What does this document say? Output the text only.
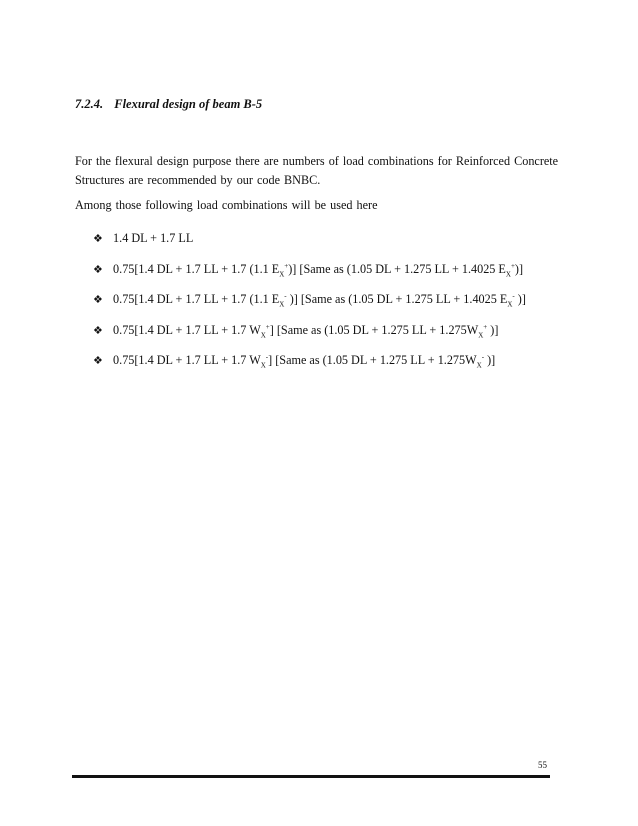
7.2.4. Flexural design of beam B-5
For the flexural design purpose there are numbers of load combinations for Reinforced Concrete Structures are recommended by our code BNBC.
Among those following load combinations will be used here
❖ 1.4 DL + 1.7 LL
❖ 0.75[1.4 DL + 1.7 LL + 1.7 (1.1 $E_X^+$)] [Same as (1.05 DL + 1.275 LL + 1.4025 $E_X^+$)]
❖ 0.75[1.4 DL + 1.7 LL + 1.7 (1.1 $E_X^-$ )] [Same as (1.05 DL + 1.275 LL + 1.4025 $E_X^-$ )]
❖ 0.75[1.4 DL + 1.7 LL + 1.7 $W_X^+$] [Same as (1.05 DL + 1.275 LL + $1.275W_X^+$ )]
❖ 0.75[1.4 DL + 1.7 LL + 1.7 $W_X^-$] [Same as (1.05 DL + 1.275 LL + $1.275W_X^-$ )]
55
